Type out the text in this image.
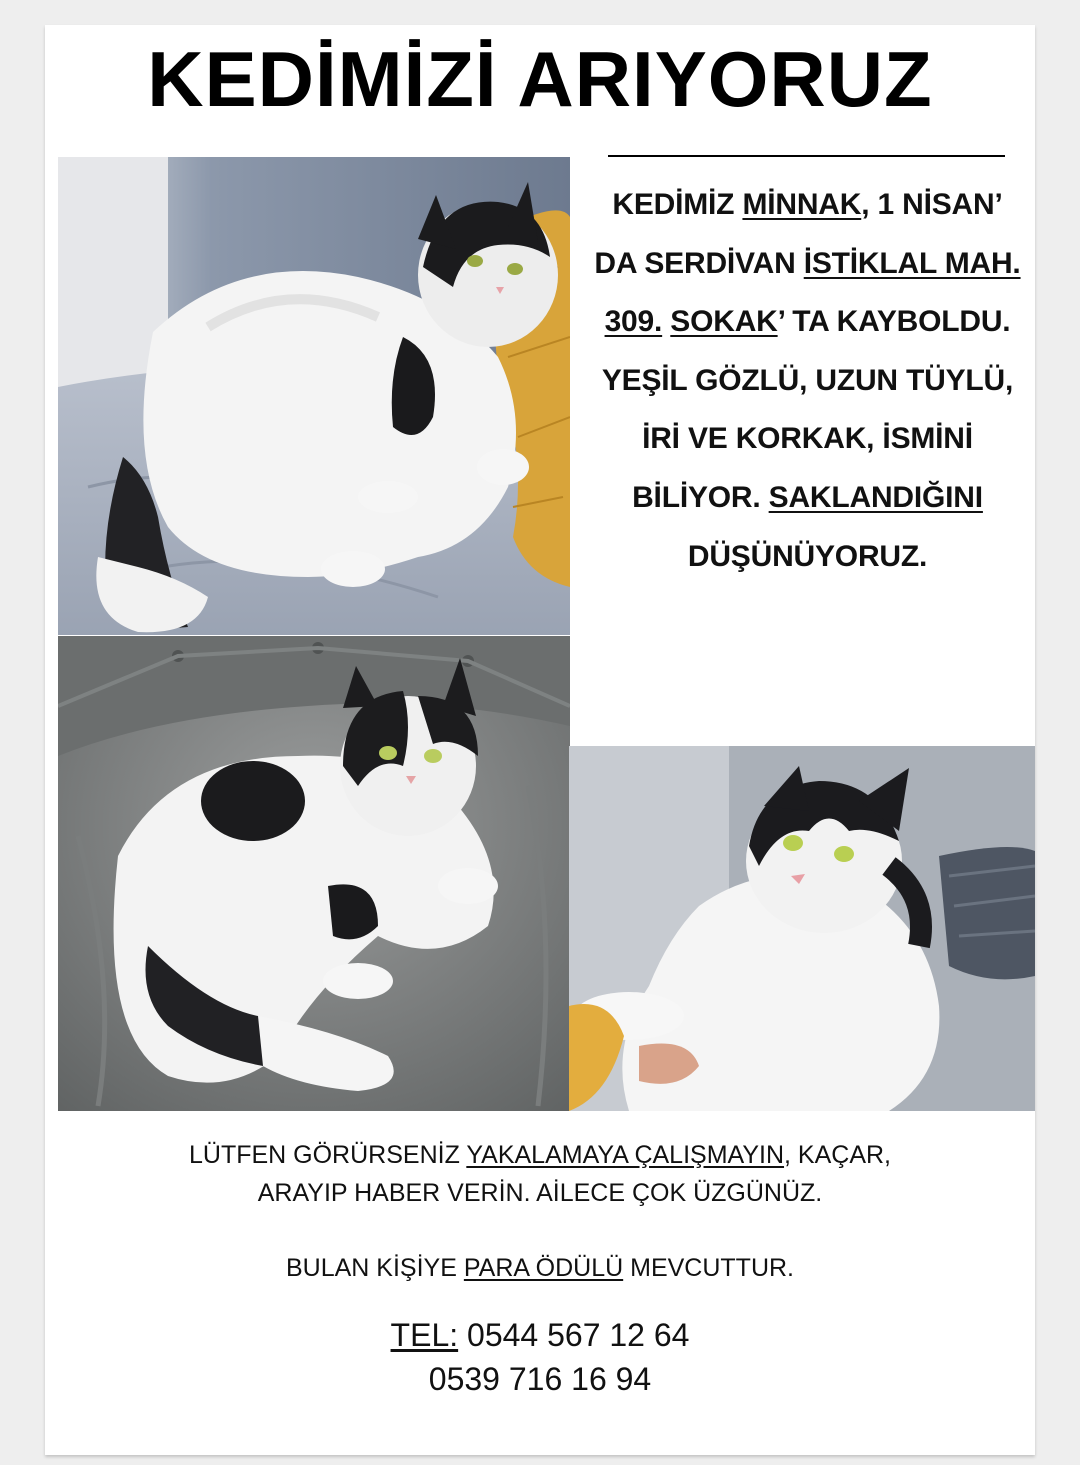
KEDİMİZİ ARIYORUZ
KEDİMİZ MİNNAK, 1 NİSAN’ DA SERDİVAN İSTİKLAL MAH. 309. SOKAK’ TA KAYBOLDU. YEŞİL GÖZLÜ, UZUN TÜYLÜ, İRİ VE KORKAK, İSMİNİ BİLİYOR. SAKLANDIĞINI DÜŞÜNÜYORUZ.
LÜTFEN GÖRÜRSENİZ YAKALAMAYA ÇALIŞMAYIN, KAÇAR,
ARAYIP HABER VERİN. AİLECE ÇOK ÜZGÜNÜZ.
BULAN KİŞİYE PARA ÖDÜLÜ MEVCUTTUR.
TEL: 0544 567 12 64
0539 716 16 94
